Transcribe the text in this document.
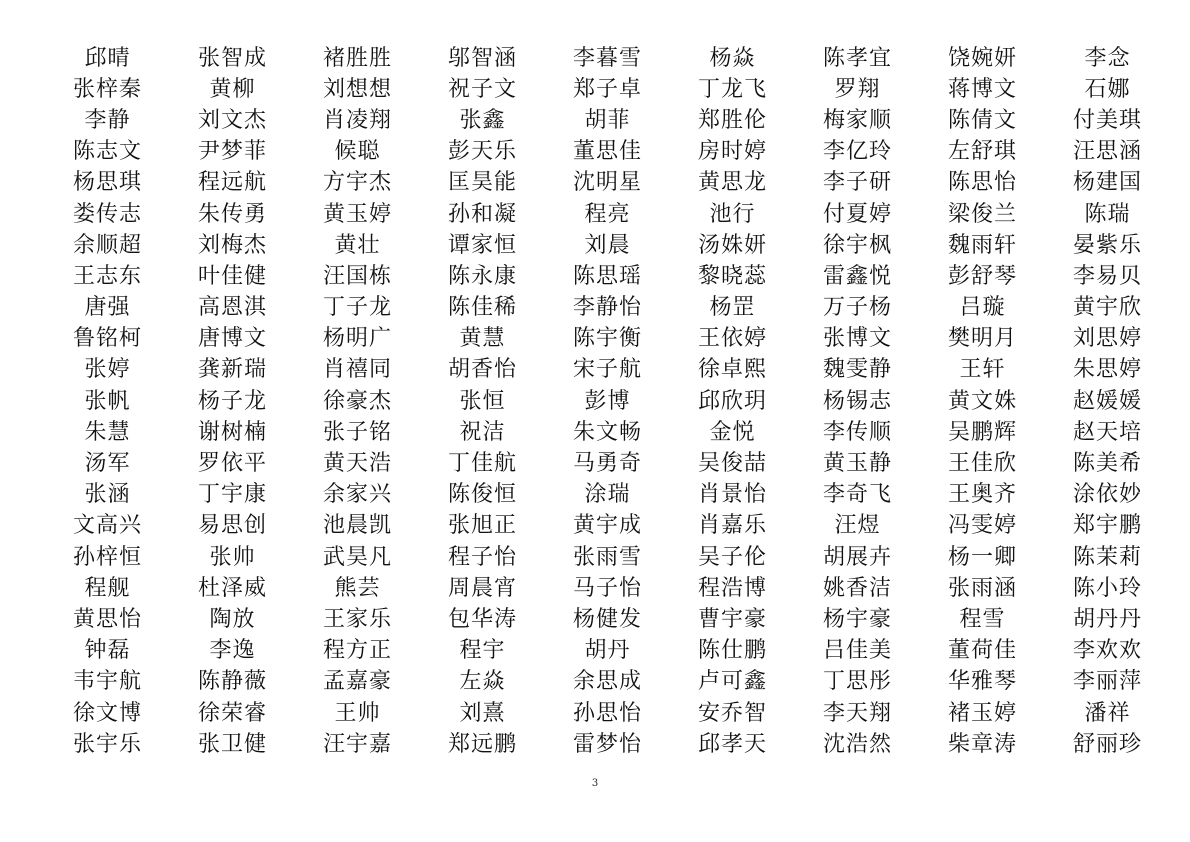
邱晴	张智成	褚胜胜	邬智涵	李暮雪	杨焱	陈孝宜	饶婉妍	李念
张梓秦	黄柳	刘想想	祝子文	郑子卓	丁龙飞	罗翔	蒋博文	石娜
李静	刘文杰	肖凌翔	张鑫	胡菲	郑胜伦	梅家顺	陈倩文	付美琪
陈志文	尹梦菲	候聪	彭天乐	董思佳	房时婷	李亿玲	左舒琪	汪思涵
杨思琪	程远航	方宇杰	匡昊能	沈明星	黄思龙	李子研	陈思怡	杨建国
娄传志	朱传勇	黄玉婷	孙和凝	程亮	池行	付夏婷	梁俊兰	陈瑞
余顺超	刘梅杰	黄壮	谭家恒	刘晨	汤姝妍	徐宇枫	魏雨轩	晏紫乐
王志东	叶佳健	汪国栋	陈永康	陈思瑶	黎晓蕊	雷鑫悦	彭舒琴	李易贝
唐强	高恩淇	丁子龙	陈佳稀	李静怡	杨罡	万子杨	吕璇	黄宇欣
鲁铭柯	唐博文	杨明广	黄慧	陈宇衡	王依婷	张博文	樊明月	刘思婷
张婷	龚新瑞	肖禧同	胡香怡	宋子航	徐卓熙	魏雯静	王轩	朱思婷
张帆	杨子龙	徐豪杰	张恒	彭博	邱欣玥	杨锡志	黄文姝	赵媛媛
朱慧	谢树楠	张子铭	祝洁	朱文畅	金悦	李传顺	吴鹏辉	赵天培
汤军	罗依平	黄天浩	丁佳航	马勇奇	吴俊喆	黄玉静	王佳欣	陈美希
张涵	丁宇康	余家兴	陈俊恒	涂瑞	肖景怡	李奇飞	王奥齐	涂依妙
文高兴	易思创	池晨凯	张旭正	黄宇成	肖嘉乐	汪煜	冯雯婷	郑宇鹏
孙梓恒	张帅	武昊凡	程子怡	张雨雪	吴子伦	胡展卉	杨一卿	陈茉莉
程舰	杜泽威	熊芸	周晨宵	马子怡	程浩博	姚香洁	张雨涵	陈小玲
黄思怡	陶放	王家乐	包华涛	杨健发	曹宇豪	杨宇豪	程雪	胡丹丹
钟磊	李逸	程方正	程宇	胡丹	陈仕鹏	吕佳美	董荷佳	李欢欢
韦宇航	陈静薇	孟嘉豪	左焱	余思成	卢可鑫	丁思彤	华雅琴	李丽萍
徐文博	徐荣睿	王帅	刘熹	孙思怡	安乔智	李天翔	褚玉婷	潘祥
张宇乐	张卫健	汪宇嘉	郑远鹏	雷梦怡	邱孝天	沈浩然	柴章涛	舒丽珍
3
